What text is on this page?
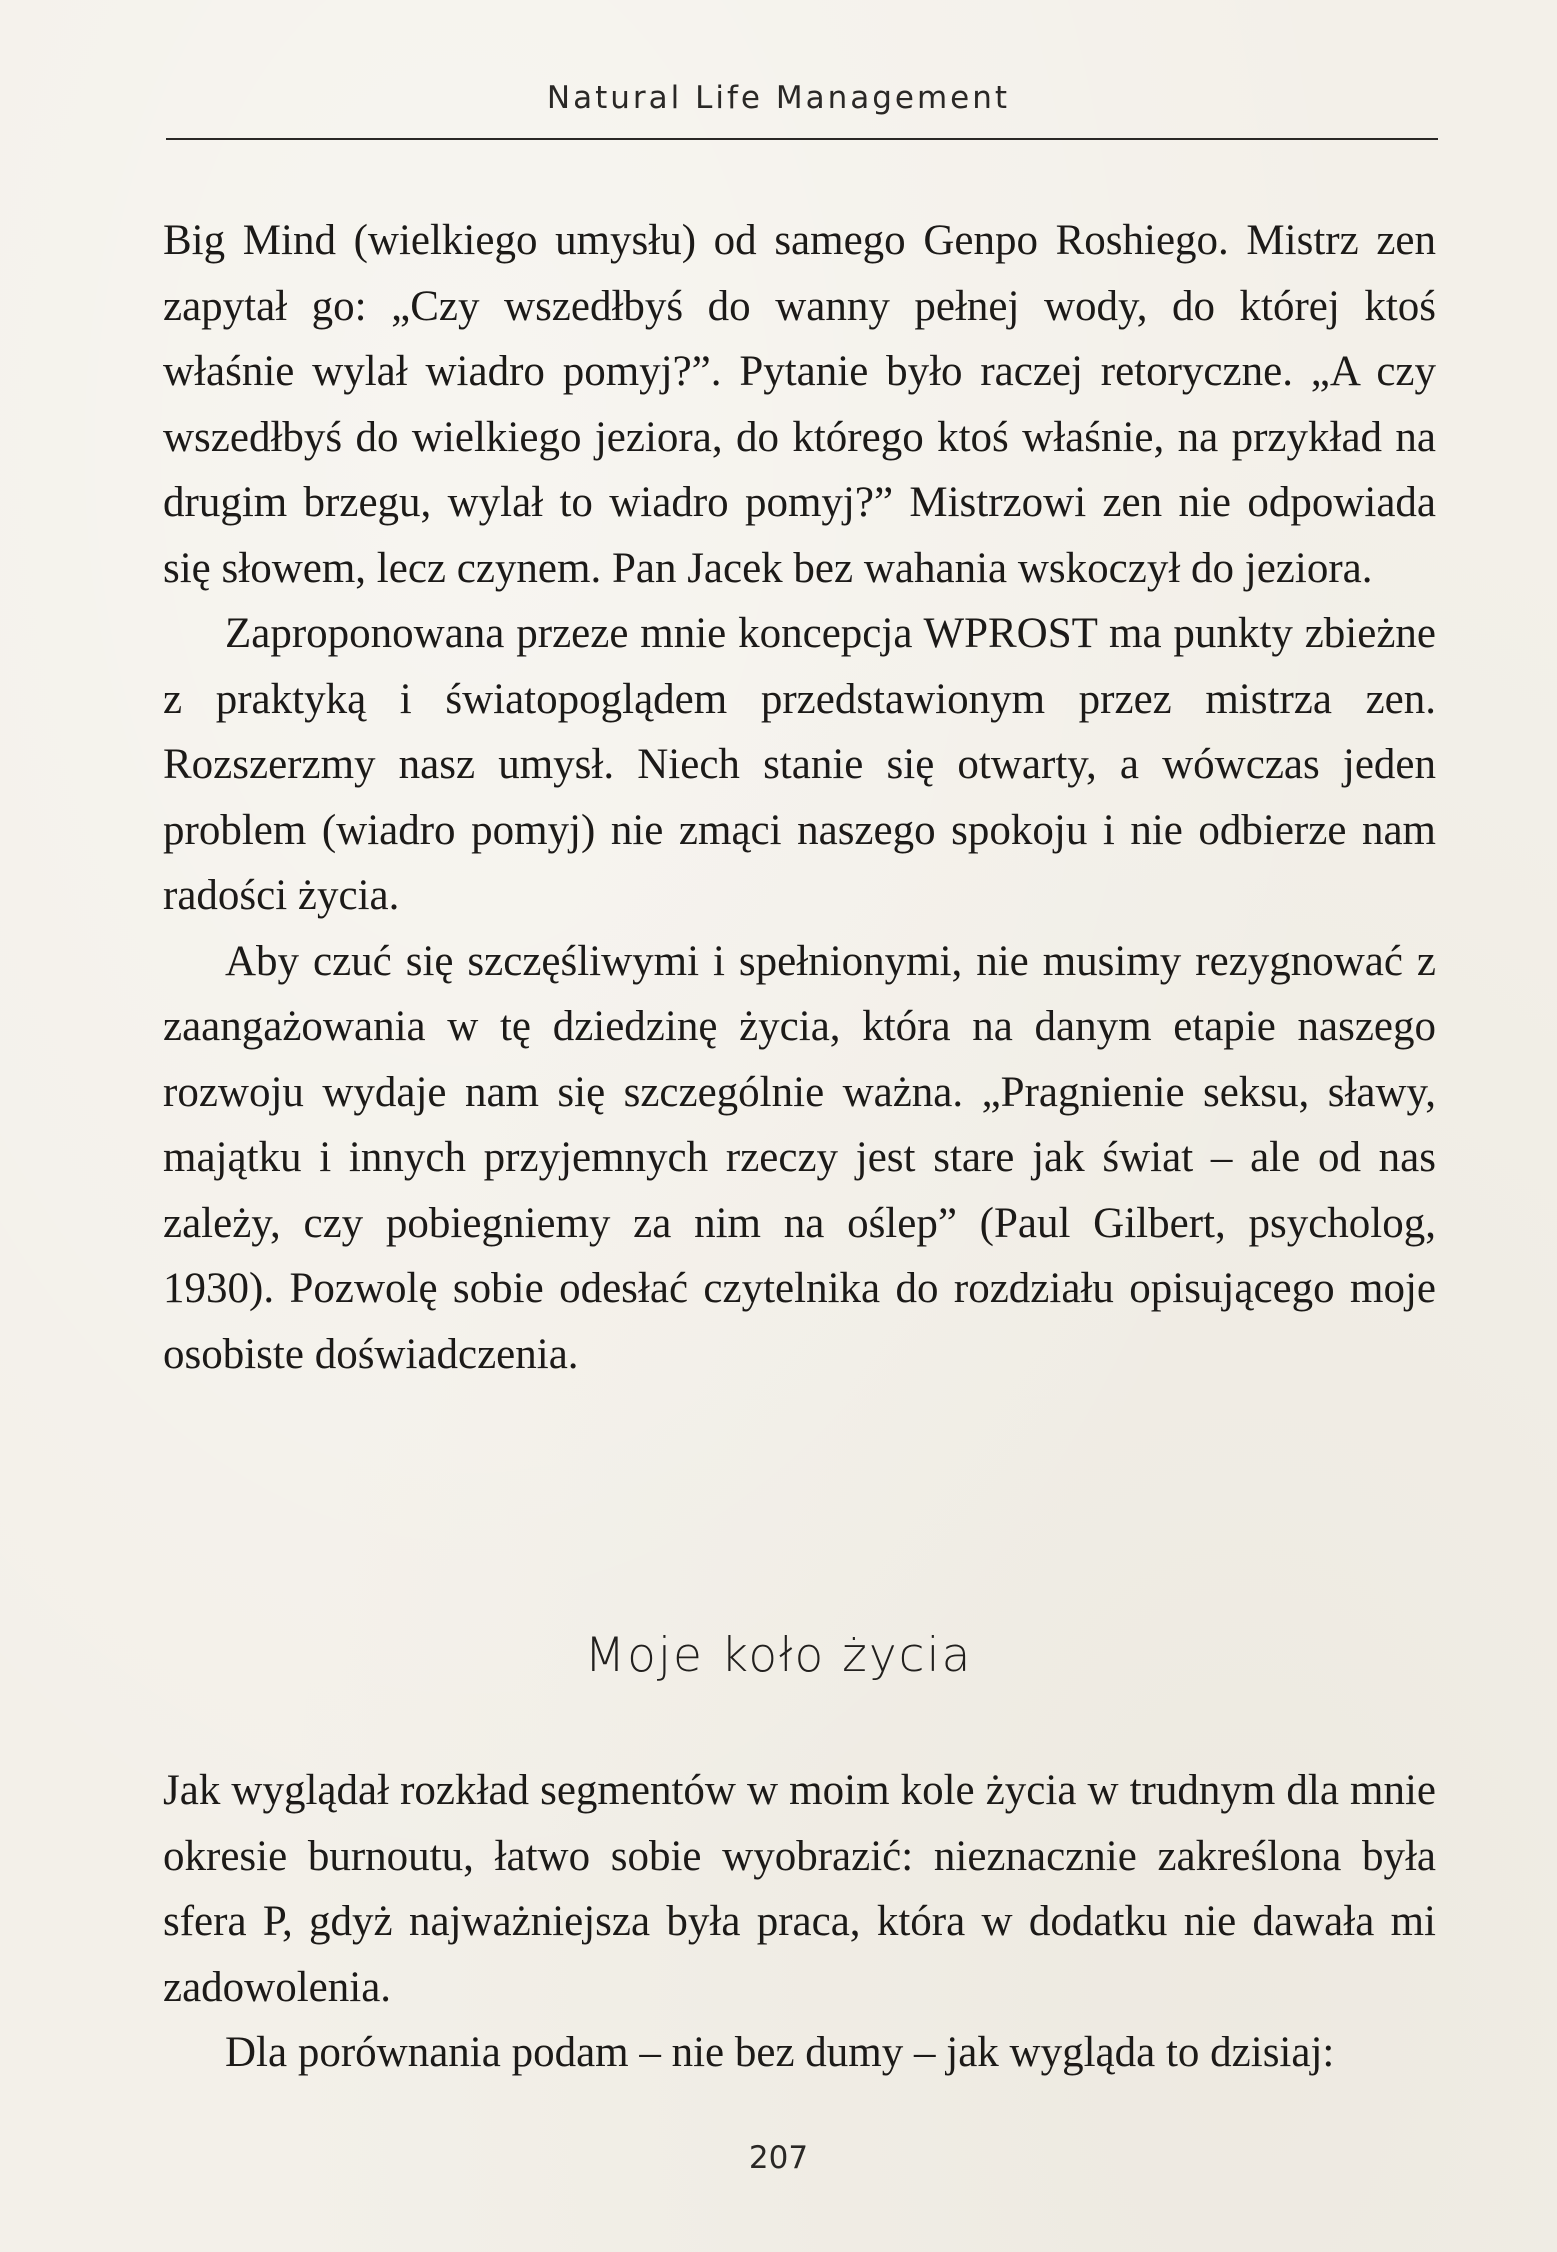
Natural Life Management

Big Mind (wielkiego umysłu) od samego Genpo Roshiego. Mistrz zen zapytał go: „Czy wszedłbyś do wanny pełnej wody, do której ktoś właśnie wylał wiadro pomyj?”. Pytanie było raczej retoryczne. „A czy wszedłbyś do wielkiego jeziora, do którego ktoś właśnie, na przykład na drugim brzegu, wylał to wiadro pomyj?” Mistrzowi zen nie odpowiada się słowem, lecz czynem. Pan Jacek bez wahania wskoczył do jeziora.

Zaproponowana przeze mnie koncepcja WPROST ma punkty zbieżne z praktyką i światopoglądem przedstawionym przez mistrza zen. Rozszerzmy nasz umysł. Niech stanie się otwarty, a wówczas jeden problem (wiadro pomyj) nie zmąci naszego spokoju i nie odbierze nam radości życia.

Aby czuć się szczęśliwymi i spełnionymi, nie musimy rezygnować z zaangażowania w tę dziedzinę życia, która na danym etapie naszego rozwoju wydaje nam się szczególnie ważna. „Pragnienie seksu, sławy, majątku i innych przyjemnych rzeczy jest stare jak świat – ale od nas zależy, czy pobiegniemy za nim na oślep” (Paul Gilbert, psycholog, 1930). Pozwolę sobie odesłać czytelnika do rozdziału opisującego moje osobiste doświadczenia.

Moje koło życia

Jak wyglądał rozkład segmentów w moim kole życia w trudnym dla mnie okresie burnoutu, łatwo sobie wyobrazić: nieznacznie zakreślona była sfera P, gdyż najważniejsza była praca, która w dodatku nie dawała mi zadowolenia.

Dla porównania podam – nie bez dumy – jak wygląda to dzisiaj:

207
